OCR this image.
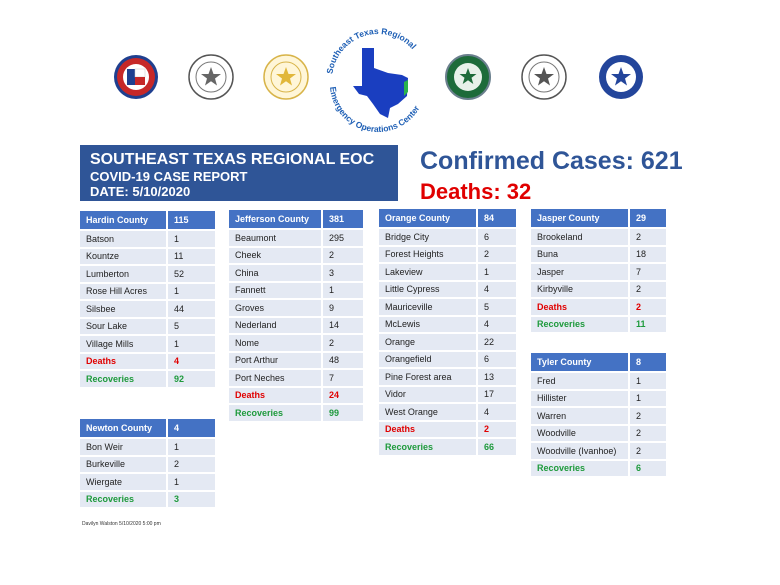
Southeast Texas Regional
Emergency Operations Center
SOUTHEAST TEXAS REGIONAL EOC
COVID-19 CASE REPORT
DATE: 5/10/2020
Confirmed Cases: 621
Deaths: 32
Hardin County	115
Batson	1
Kountze	11
Lumberton	52
Rose Hill Acres	1
Silsbee	44
Sour Lake	5
Village Mills	1
Deaths	4
Recoveries	92
Newton County	4
Bon Weir	1
Burkeville	2
Wiergate	1
Recoveries	3
Jefferson County	381
Beaumont	295
Cheek	2
China	3
Fannett	1
Groves	9
Nederland	14
Nome	2
Port Arthur	48
Port Neches	7
Deaths	24
Recoveries	99
Orange County	84
Bridge City	6
Forest Heights	2
Lakeview	1
Little Cypress	4
Mauriceville	5
McLewis	4
Orange	22
Orangefield	6
Pine Forest area	13
Vidor	17
West Orange	4
Deaths	2
Recoveries	66
Jasper County	29
Brookeland	2
Buna	18
Jasper	7
Kirbyville	2
Deaths	2
Recoveries	11
Tyler County	8
Fred	1
Hillister	1
Warren	2
Woodville	2
Woodville (Ivanhoe)	2
Recoveries	6
Davilyn Walston 5/10/2020 5:00 pm
